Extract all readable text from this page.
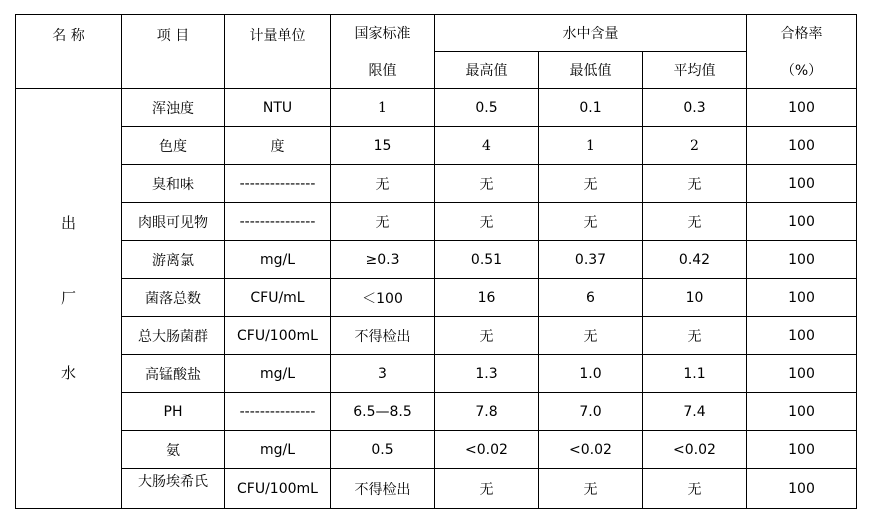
名 称	项 目	计量单位	国家标准	水中含量			合格率
			限值	最高值	最低值	平均值	（%）

出
厂
水	浑浊度	NTU	1	0.5	0.1	0.3	100
	色度	度	15	4	1	2	100
	臭和味	---------------	无	无	无	无	100
	肉眼可见物	---------------	无	无	无	无	100
	游离氯	mg/L	≥0.3	0.51	0.37	0.42	100
	菌落总数	CFU/mL	＜100	16	6	10	100
	总大肠菌群	CFU/100mL	不得检出	无	无	无	100
	高锰酸盐	mg/L	3	1.3	1.0	1.1	100
	PH	---------------	6.5—8.5	7.8	7.0	7.4	100
	氨	mg/L	0.5	<0.02	<0.02	<0.02	100
	大肠埃希氏	CFU/100mL	不得检出	无	无	无	100
